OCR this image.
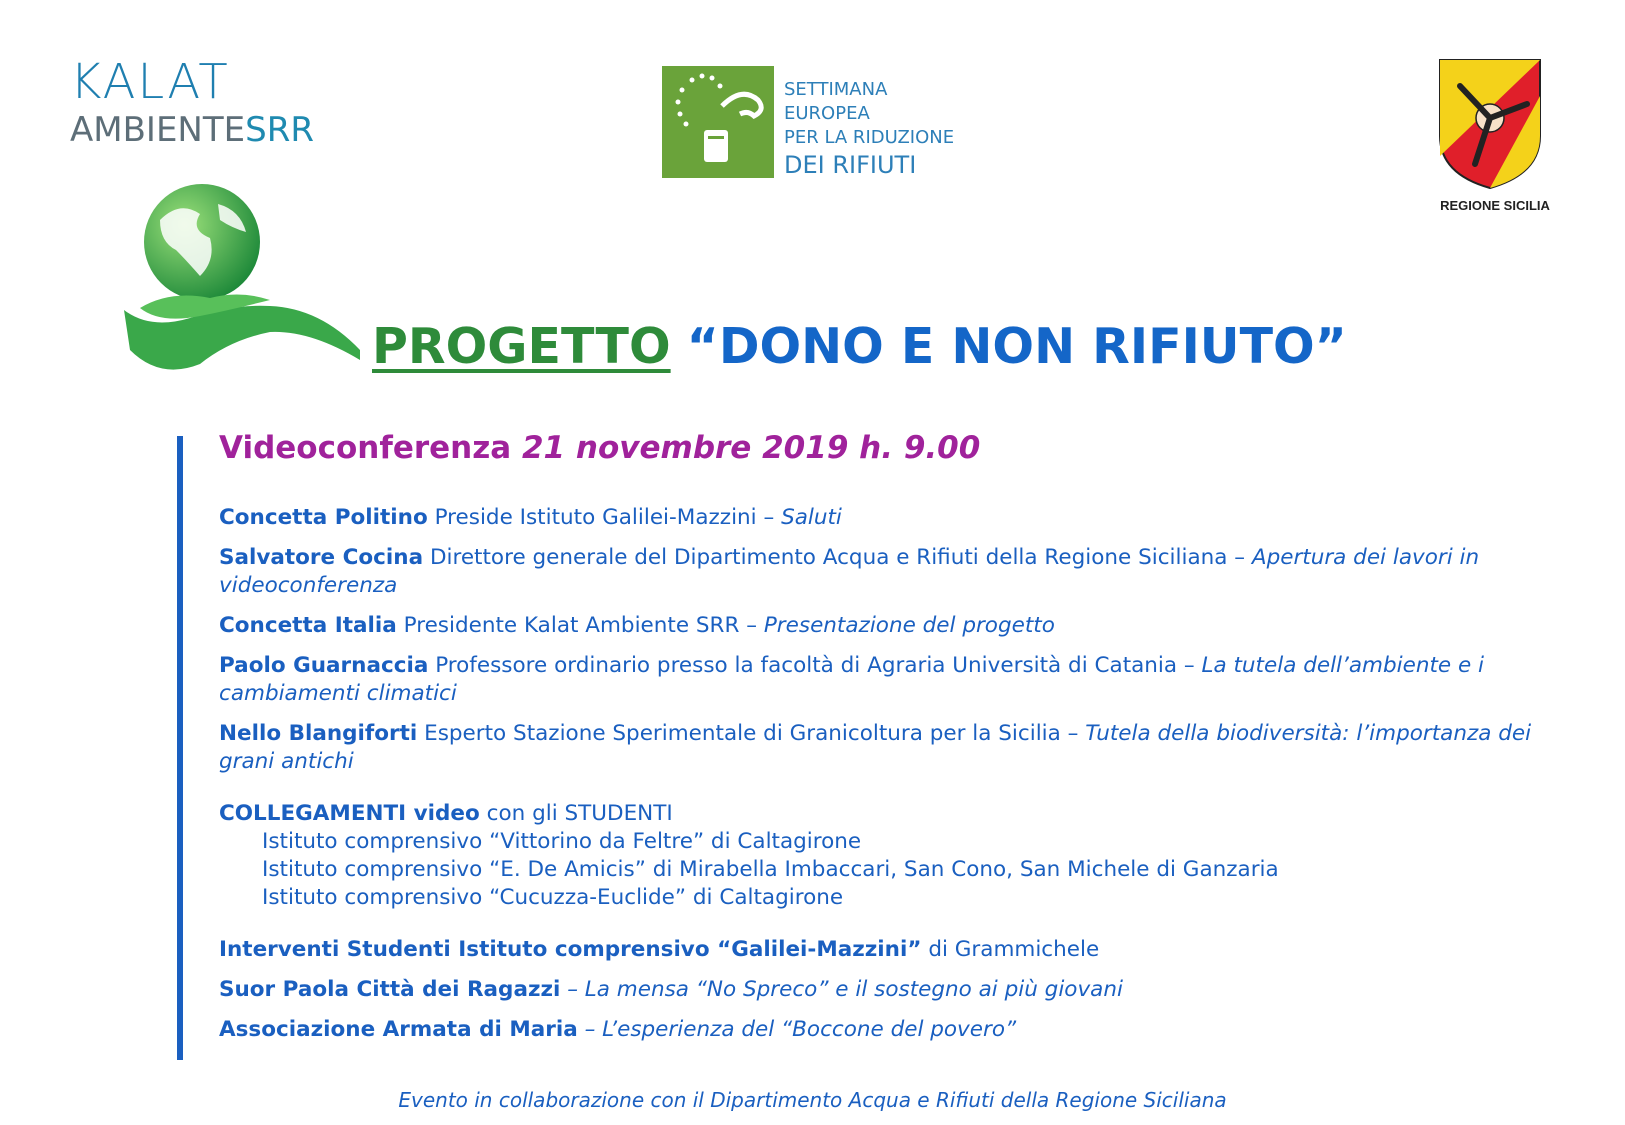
KALAT
AMBIENTESRR
SETTIMANA EUROPEA
PER LA RIDUZIONE
DEI RIFIUTI
REGIONE SICILIA
PROGETTO “DONO E NON RIFIUTO”
Videoconferenza 21 novembre 2019 h. 9.00

Concetta Politino Preside Istituto Galilei-Mazzini – Saluti

Salvatore Cocina Direttore generale del Dipartimento Acqua e Rifiuti della Regione Siciliana – Apertura dei lavori in videoconferenza

Concetta Italia Presidente Kalat Ambiente SRR – Presentazione del progetto

Paolo Guarnaccia Professore ordinario presso la facoltà di Agraria Università di Catania – La tutela dell’ambiente e i cambiamenti climatici

Nello Blangiforti Esperto Stazione Sperimentale di Granicoltura per la Sicilia – Tutela della biodiversità: l’importanza dei grani antichi

COLLEGAMENTI video con gli STUDENTI

Istituto comprensivo “Vittorino da Feltre” di Caltagirone

Istituto comprensivo “E. De Amicis” di Mirabella Imbaccari, San Cono, San Michele di Ganzaria

Istituto comprensivo “Cucuzza-Euclide” di Caltagirone

Interventi Studenti Istituto comprensivo “Galilei-Mazzini” di Grammichele

Suor Paola Città dei Ragazzi – La mensa “No Spreco” e il sostegno ai più giovani

Associazione Armata di Maria – L’esperienza del “Boccone del povero”

Evento in collaborazione con il Dipartimento Acqua e Rifiuti della Regione Siciliana
